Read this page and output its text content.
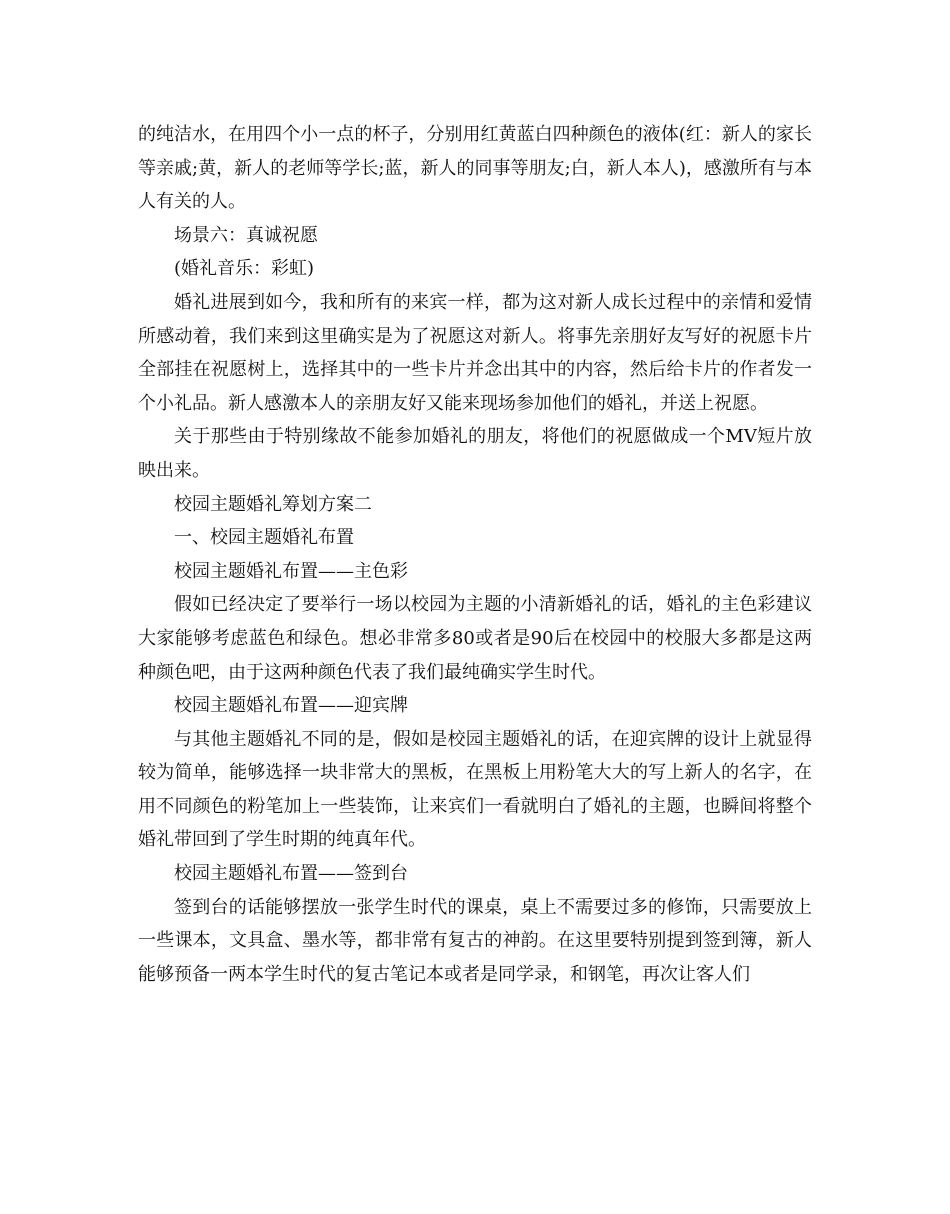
的纯洁水，在用四个小一点的杯子，分别用红黄蓝白四种颜色的液体(红：新人的家长等亲戚;黄，新人的老师等学长;蓝，新人的同事等朋友;白，新人本人)，感激所有与本人有关的人。

场景六：真诚祝愿

(婚礼音乐：彩虹)

婚礼进展到如今，我和所有的来宾一样，都为这对新人成长过程中的亲情和爱情所感动着，我们来到这里确实是为了祝愿这对新人。将事先亲朋好友写好的祝愿卡片全部挂在祝愿树上，选择其中的一些卡片并念出其中的内容，然后给卡片的作者发一个小礼品。新人感激本人的亲朋友好又能来现场参加他们的婚礼，并送上祝愿。

关于那些由于特别缘故不能参加婚礼的朋友，将他们的祝愿做成一个MV短片放映出来。

校园主题婚礼筹划方案二

一、校园主题婚礼布置

校园主题婚礼布置——主色彩

假如已经决定了要举行一场以校园为主题的小清新婚礼的话，婚礼的主色彩建议大家能够考虑蓝色和绿色。想必非常多80或者是90后在校园中的校服大多都是这两种颜色吧，由于这两种颜色代表了我们最纯确实学生时代。

校园主题婚礼布置——迎宾牌

与其他主题婚礼不同的是，假如是校园主题婚礼的话，在迎宾牌的设计上就显得较为简单，能够选择一块非常大的黑板，在黑板上用粉笔大大的写上新人的名字，在用不同颜色的粉笔加上一些装饰，让来宾们一看就明白了婚礼的主题，也瞬间将整个婚礼带回到了学生时期的纯真年代。

校园主题婚礼布置——签到台

签到台的话能够摆放一张学生时代的课桌，桌上不需要过多的修饰，只需要放上一些课本，文具盒、墨水等，都非常有复古的神韵。在这里要特别提到签到簿，新人能够预备一两本学生时代的复古笔记本或者是同学录，和钢笔，再次让客人们
